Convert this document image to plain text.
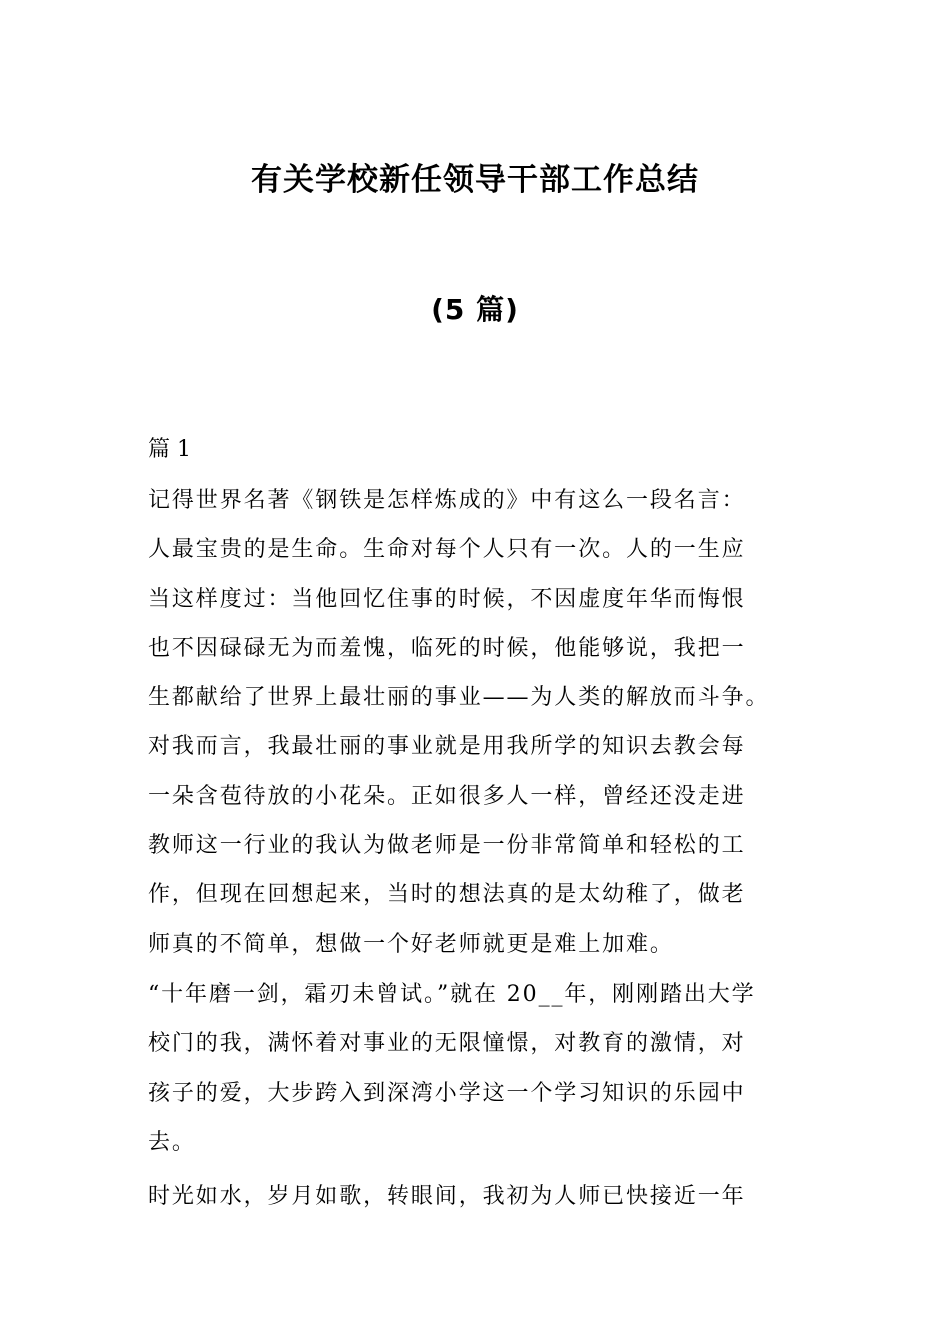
有关学校新任领导干部工作总结
(5 篇)
篇 1
记得世界名著《钢铁是怎样炼成的》中有这么一段名言：
人最宝贵的是生命。生命对每个人只有一次。人的一生应
当这样度过：当他回忆住事的时候，不因虚度年华而悔恨
也不因碌碌无为而羞愧，临死的时候，他能够说，我把一
生都献给了世界上最壮丽的事业——为人类的解放而斗争。
对我而言，我最壮丽的事业就是用我所学的知识去教会每
一朵含苞待放的小花朵。正如很多人一样，曾经还没走进
教师这一行业的我认为做老师是一份非常简单和轻松的工
作，但现在回想起来，当时的想法真的是太幼稚了，做老
师真的不简单，想做一个好老师就更是难上加难。
“十年磨一剑，霜刃未曾试。”就在 20__年，刚刚踏出大学
校门的我，满怀着对事业的无限憧憬，对教育的激情，对
孩子的爱，大步跨入到深湾小学这一个学习知识的乐园中
去。
时光如水，岁月如歌，转眼间，我初为人师已快接近一年
